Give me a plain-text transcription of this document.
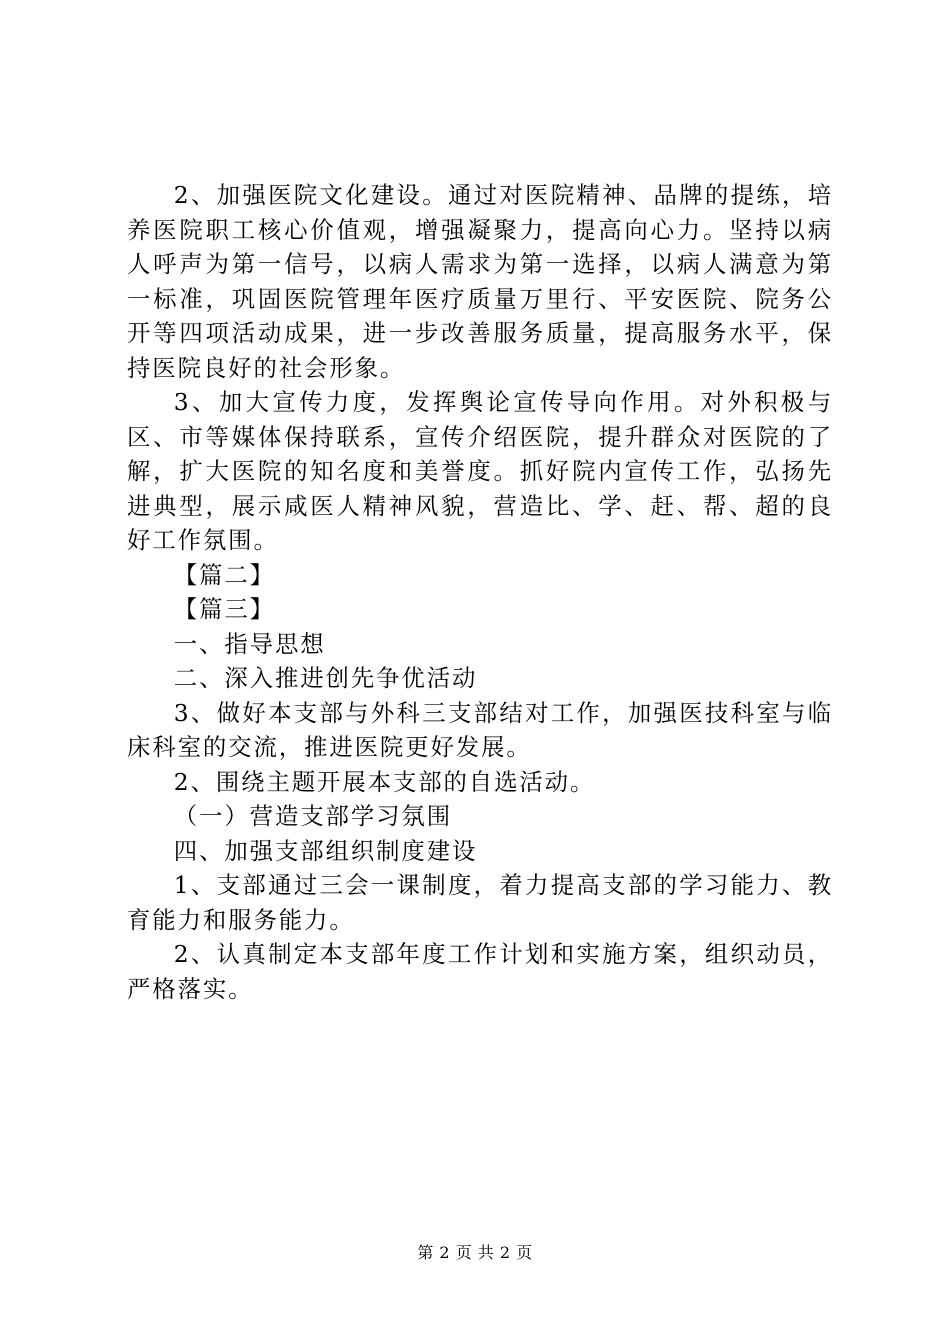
2、加强医院文化建设。通过对医院精神、品牌的提练，培养医院职工核心价值观，增强凝聚力，提高向心力。坚持以病人呼声为第一信号，以病人需求为第一选择，以病人满意为第一标准，巩固医院管理年医疗质量万里行、平安医院、院务公开等四项活动成果，进一步改善服务质量，提高服务水平，保持医院良好的社会形象。

3、加大宣传力度，发挥舆论宣传导向作用。对外积极与区、市等媒体保持联系，宣传介绍医院，提升群众对医院的了解，扩大医院的知名度和美誉度。抓好院内宣传工作，弘扬先进典型，展示咸医人精神风貌，营造比、学、赶、帮、超的良好工作氛围。

【篇二】

【篇三】

一、指导思想

二、深入推进创先争优活动

3、做好本支部与外科三支部结对工作，加强医技科室与临床科室的交流，推进医院更好发展。

2、围绕主题开展本支部的自选活动。

（一）营造支部学习氛围

四、加强支部组织制度建设

1、支部通过三会一课制度，着力提高支部的学习能力、教育能力和服务能力。

2、认真制定本支部年度工作计划和实施方案，组织动员，严格落实。

第 2 页 共 2 页
